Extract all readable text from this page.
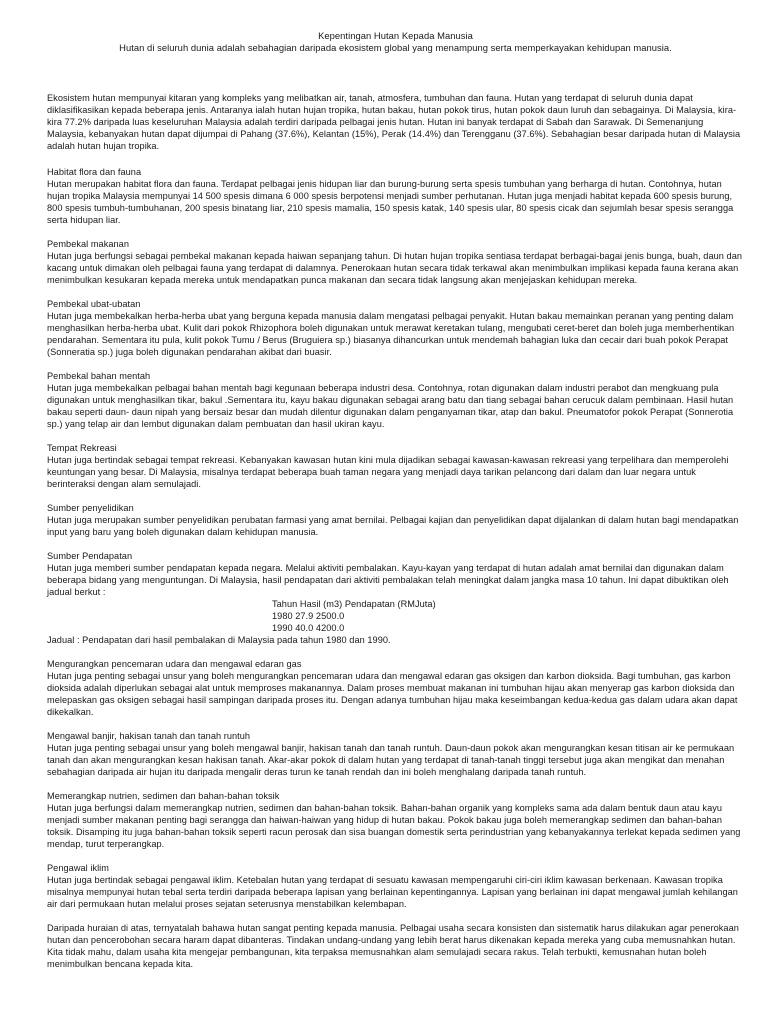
Kepentingan Hutan Kepada Manusia

Hutan di seluruh dunia adalah sebahagian daripada ekosistem global yang menampung serta memperkayakan kehidupan manusia.

Ekosistem hutan mempunyai kitaran yang kompleks yang melibatkan air, tanah, atmosfera, tumbuhan dan fauna. Hutan yang terdapat di seluruh dunia dapat diklasifikasikan kepada beberapa jenis. Antaranya ialah hutan hujan tropika, hutan bakau, hutan pokok tirus, hutan pokok daun luruh dan sebagainya. Di Malaysia, kira-kira 77.2% daripada luas keseluruhan Malaysia adalah terdiri daripada pelbagai jenis hutan. Hutan ini banyak terdapat di Sabah dan Sarawak. Di Semenanjung Malaysia, kebanyakan hutan dapat dijumpai di Pahang (37.6%), Kelantan (15%), Perak (14.4%) dan Terengganu (37.6%). Sebahagian besar daripada hutan di Malaysia adalah hutan hujan tropika.

Habitat flora dan fauna

Hutan merupakan habitat flora dan fauna. Terdapat pelbagai jenis hidupan liar dan burung-burung serta spesis tumbuhan yang berharga di hutan. Contohnya, hutan hujan tropika Malaysia mempunyai 14 500 spesis dimana 6 000 spesis berpotensi menjadi sumber perhutanan. Hutan juga menjadi habitat kepada 600 spesis burung, 800 spesis tumbuh-tumbuhanan, 200 spesis binatang liar, 210 spesis mamalia, 150 spesis katak, 140 spesis ular, 80 spesis cicak dan sejumlah besar spesis serangga serta hidupan liar.

Pembekal makanan

Hutan juga berfungsi sebagai pembekal makanan kepada haiwan sepanjang tahun. Di hutan hujan tropika sentiasa terdapat berbagai-bagai jenis bunga, buah, daun dan kacang untuk dimakan oleh pelbagai fauna yang terdapat di dalamnya. Penerokaan hutan secara tidak terkawal akan menimbulkan implikasi kepada fauna kerana akan menimbulkan kesukaran kepada mereka untuk mendapatkan punca makanan dan secara tidak langsung akan menjejaskan kehidupan mereka.

Pembekal ubat-ubatan

Hutan juga membekalkan herba-herba ubat yang berguna kepada manusia dalam mengatasi pelbagai penyakit. Hutan bakau memainkan peranan yang penting dalam menghasilkan herba-herba ubat. Kulit dari pokok Rhizophora boleh digunakan untuk merawat keretakan tulang, mengubati ceret-beret dan boleh juga memberhentikan pendarahan. Sementara itu pula, kulit pokok Tumu / Berus (Bruguiera sp.) biasanya dihancurkan untuk mendemah bahagian luka dan cecair dari buah pokok Perapat (Sonneratia sp.) juga boleh digunakan pendarahan akibat dari buasir.

Pembekal bahan mentah

Hutan juga membekalkan pelbagai bahan mentah bagi kegunaan beberapa industri desa. Contohnya, rotan digunakan dalam industri perabot dan mengkuang pula digunakan untuk menghasilkan tikar, bakul .Sementara itu, kayu bakau digunakan sebagai arang batu dan tiang sebagai bahan cerucuk dalam pembinaan. Hasil hutan bakau seperti daun- daun nipah yang bersaiz besar dan mudah dilentur digunakan dalam penganyaman tikar, atap dan bakul. Pneumatofor pokok Perapat (Sonnerotia sp.) yang telap air dan lembut digunakan dalam pembuatan dan hasil ukiran kayu.

Tempat Rekreasi

Hutan juga bertindak sebagai tempat rekreasi. Kebanyakan kawasan hutan kini mula dijadikan sebagai kawasan-kawasan rekreasi yang terpelihara dan memperolehi keuntungan yang besar. Di Malaysia, misalnya terdapat beberapa buah taman negara yang menjadi daya tarikan pelancong dari dalam dan luar negara untuk berinteraksi dengan alam semulajadi.

Sumber penyelidikan

Hutan juga merupakan sumber penyelidikan perubatan farmasi yang amat bernilai. Pelbagai kajian dan penyelidikan dapat dijalankan di dalam hutan bagi mendapatkan input yang baru yang boleh digunakan dalam kehidupan manusia.

Sumber Pendapatan

Hutan juga memberi sumber pendapatan kepada negara. Melalui aktiviti pembalakan. Kayu-kayan yang terdapat di hutan adalah amat bernilai dan digunakan dalam beberapa bidang yang menguntungan. Di Malaysia, hasil pendapatan dari aktiviti pembalakan telah meningkat dalam jangka masa 10 tahun. Ini dapat dibuktikan oleh jadual berkut :

Tahun Hasil (m3) Pendapatan (RMJuta)
1980 27.9 2500.0
1990 40.0 4200.0

Jadual : Pendapatan dari hasil pembalakan di Malaysia pada tahun 1980 dan 1990.

Mengurangkan pencemaran udara dan mengawal edaran gas

Hutan juga penting sebagai unsur yang boleh mengurangkan pencemaran udara dan mengawal edaran gas oksigen dan karbon dioksida. Bagi tumbuhan, gas karbon dioksida adalah diperlukan sebagai alat untuk memproses makanannya. Dalam proses membuat makanan ini tumbuhan hijau akan menyerap gas karbon dioksida dan melepaskan gas oksigen sebagai hasil sampingan daripada proses itu. Dengan adanya tumbuhan hijau maka keseimbangan kedua-kedua gas dalam udara akan dapat dikekalkan.

Mengawal banjir, hakisan tanah dan tanah runtuh

Hutan juga penting sebagai unsur yang boleh mengawal banjir, hakisan tanah dan tanah runtuh. Daun-daun pokok akan mengurangkan kesan titisan air ke permukaan tanah dan akan mengurangkan kesan hakisan tanah. Akar-akar pokok di dalam hutan yang terdapat di tanah-tanah tinggi tersebut juga akan mengikat dan menahan sebahagian daripada air hujan itu daripada mengalir deras turun ke tanah rendah dan ini boleh menghalang daripada tanah runtuh.

Memerangkap nutrien, sedimen dan bahan-bahan toksik

Hutan juga berfungsi dalam memerangkap nutrien, sedimen dan bahan-bahan toksik. Bahan-bahan organik yang kompleks sama ada dalam bentuk daun atau kayu menjadi sumber makanan penting bagi serangga dan haiwan-haiwan yang hidup di hutan bakau. Pokok bakau juga boleh memerangkap sedimen dan bahan-bahan toksik. Disamping itu juga bahan-bahan toksik seperti racun perosak dan sisa buangan domestik serta perindustrian yang kebanyakannya terlekat kepada sedimen yang mendap, turut terperangkap.

Pengawal iklim

Hutan juga bertindak sebagai pengawal iklim. Ketebalan hutan yang terdapat di sesuatu kawasan mempengaruhi ciri-ciri iklim kawasan berkenaan. Kawasan tropika misalnya mempunyai hutan tebal serta terdiri daripada beberapa lapisan yang berlainan kepentingannya. Lapisan yang berlainan ini dapat mengawal jumlah kehilangan air dari permukaan hutan melalui proses sejatan seterusnya menstabilkan kelembapan.

Daripada huraian di atas, ternyatalah bahawa hutan sangat penting kepada manusia. Pelbagai usaha secara konsisten dan sistematik harus dilakukan agar penerokaan hutan dan pencerobohan secara haram dapat dibanteras. Tindakan undang-undang yang lebih berat harus dikenakan kepada mereka yang cuba memusnahkan hutan. Kita tidak mahu, dalam usaha kita mengejar pembangunan, kita terpaksa memusnahkan alam semulajadi secara rakus. Telah terbukti, kemusnahan hutan boleh menimbulkan bencana kepada kita.
